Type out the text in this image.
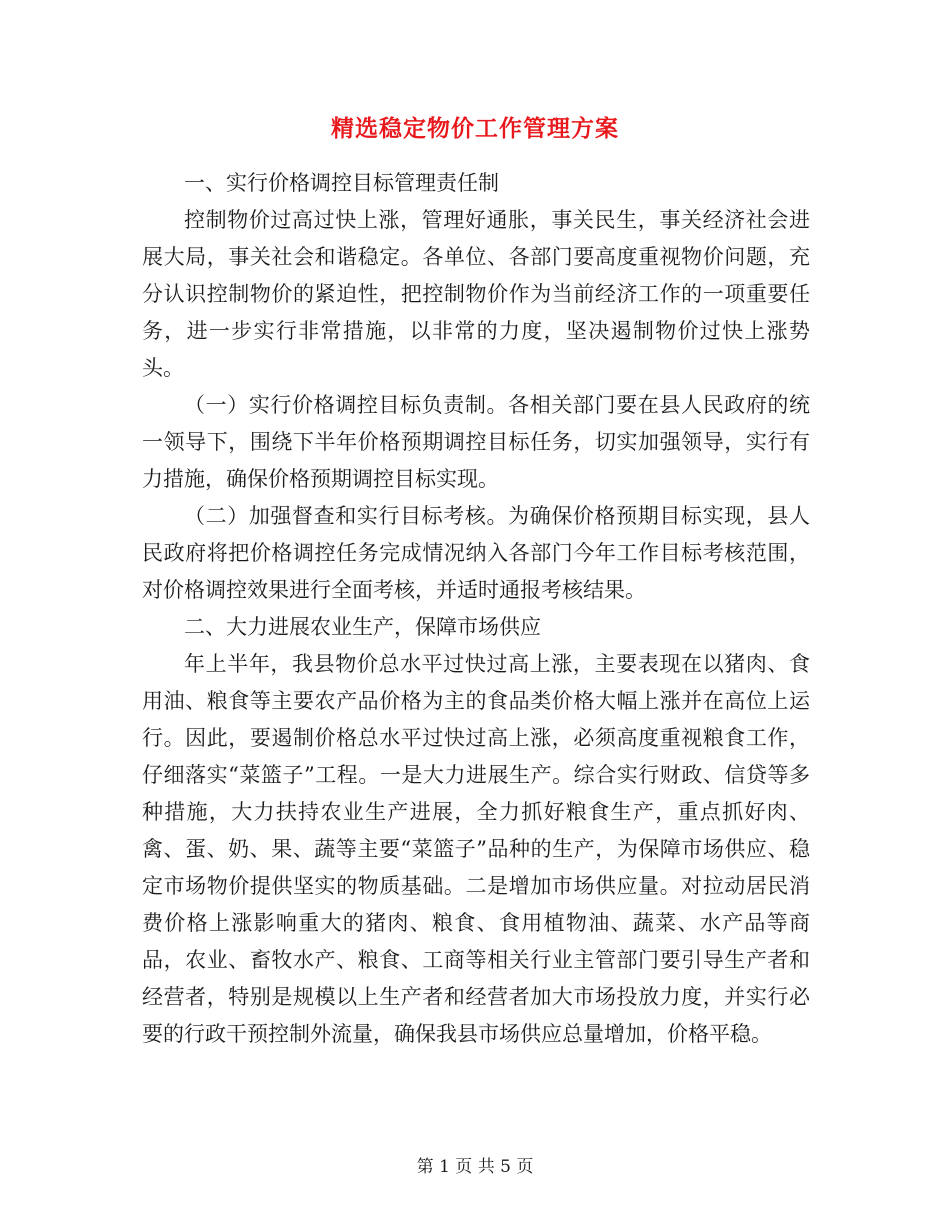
精选稳定物价工作管理方案

一、实行价格调控目标管理责任制

控制物价过高过快上涨，管理好通胀，事关民生，事关经济社会进展大局，事关社会和谐稳定。各单位、各部门要高度重视物价问题，充分认识控制物价的紧迫性，把控制物价作为当前经济工作的一项重要任务，进一步实行非常措施，以非常的力度，坚决遏制物价过快上涨势头。

（一）实行价格调控目标负责制。各相关部门要在县人民政府的统一领导下，围绕下半年价格预期调控目标任务，切实加强领导，实行有力措施，确保价格预期调控目标实现。

（二）加强督查和实行目标考核。为确保价格预期目标实现，县人民政府将把价格调控任务完成情况纳入各部门今年工作目标考核范围，对价格调控效果进行全面考核，并适时通报考核结果。

二、大力进展农业生产，保障市场供应

年上半年，我县物价总水平过快过高上涨，主要表现在以猪肉、食用油、粮食等主要农产品价格为主的食品类价格大幅上涨并在高位上运行。因此，要遏制价格总水平过快过高上涨，必须高度重视粮食工作，仔细落实“菜篮子”工程。一是大力进展生产。综合实行财政、信贷等多种措施，大力扶持农业生产进展，全力抓好粮食生产，重点抓好肉、禽、蛋、奶、果、蔬等主要“菜篮子”品种的生产，为保障市场供应、稳定市场物价提供坚实的物质基础。二是增加市场供应量。对拉动居民消费价格上涨影响重大的猪肉、粮食、食用植物油、蔬菜、水产品等商品，农业、畜牧水产、粮食、工商等相关行业主管部门要引导生产者和经营者，特别是规模以上生产者和经营者加大市场投放力度，并实行必要的行政干预控制外流量，确保我县市场供应总量增加，价格平稳。

第 1 页 共 5 页
